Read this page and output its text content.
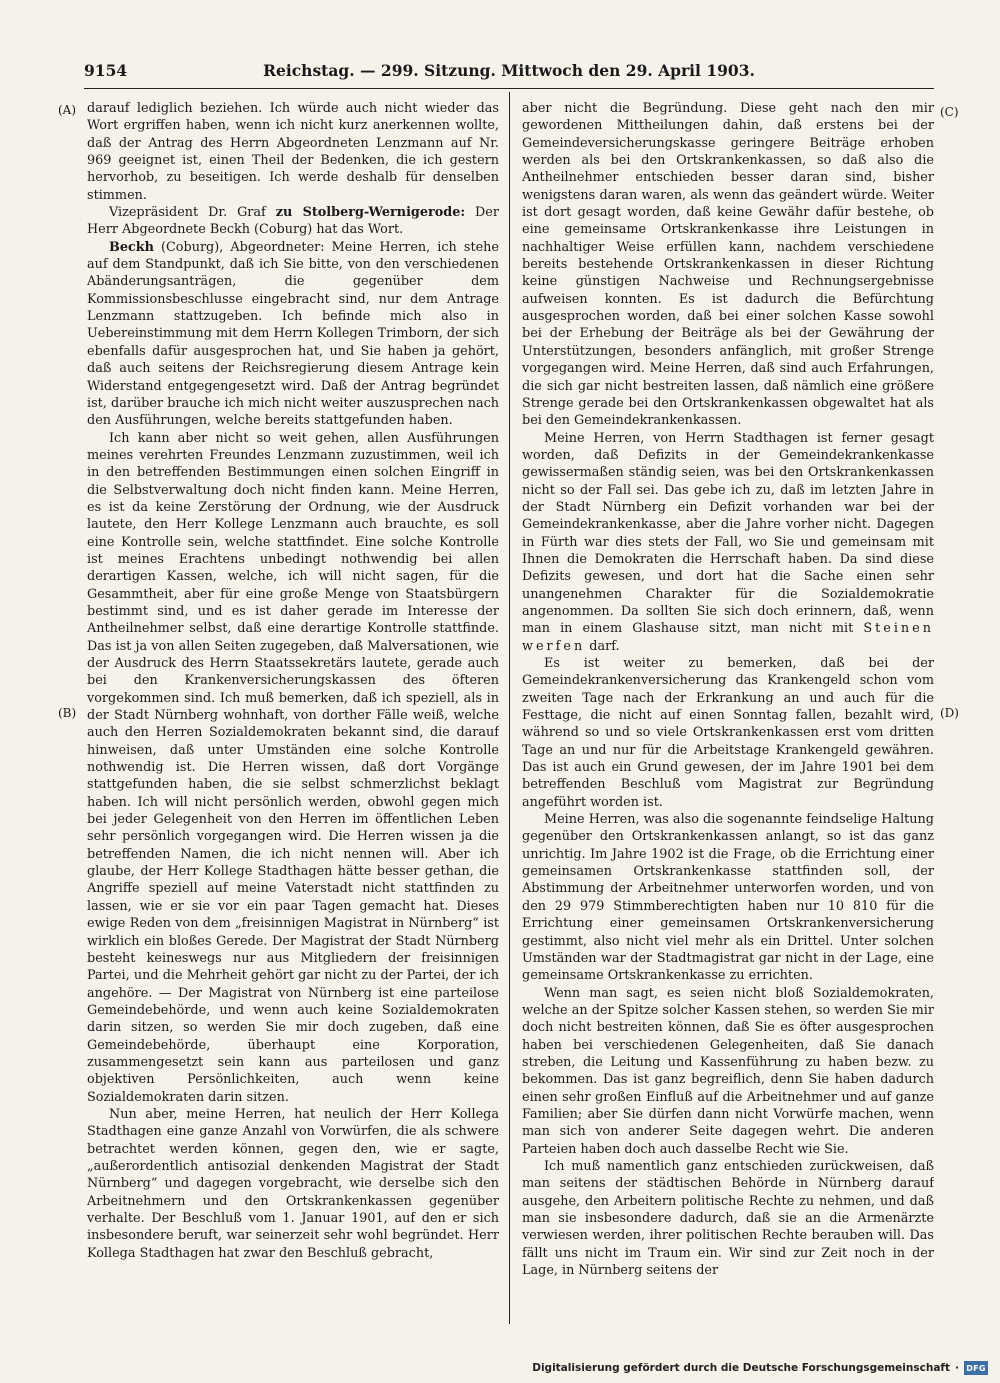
Reichstag. — 299. Sitzung. Mittwoch den 29. April 1903.
9154
(A)
(B)
(C)
(D)

darauf lediglich beziehen. Ich würde auch nicht wieder das Wort ergriffen haben, wenn ich nicht kurz anerkennen wollte, daß der Antrag des Herrn Abgeordneten Lenzmann auf Nr. 969 geeignet ist, einen Theil der Bedenken, die ich gestern hervorhob, zu beseitigen. Ich werde deshalb für denselben stimmen.

Vizepräsident Dr. Graf zu Stolberg-Wernigerode: Der Herr Abgeordnete Beckh (Coburg) hat das Wort.

Beckh (Coburg), Abgeordneter: Meine Herren, ich stehe auf dem Standpunkt, daß ich Sie bitte, von den verschiedenen Abänderungsanträgen, die gegenüber dem Kommissionsbeschlusse eingebracht sind, nur dem Antrage Lenzmann stattzugeben. Ich befinde mich also in Uebereinstimmung mit dem Herrn Kollegen Trimborn, der sich ebenfalls dafür ausgesprochen hat, und Sie haben ja gehört, daß auch seitens der Reichsregierung diesem Antrage kein Widerstand entgegengesetzt wird. Daß der Antrag begründet ist, darüber brauche ich mich nicht weiter auszusprechen nach den Ausführungen, welche bereits stattgefunden haben.

Ich kann aber nicht so weit gehen, allen Ausführungen meines verehrten Freundes Lenzmann zuzustimmen, weil ich in den betreffenden Bestimmungen einen solchen Eingriff in die Selbstverwaltung doch nicht finden kann. Meine Herren, es ist da keine Zerstörung der Ordnung, wie der Ausdruck lautete, den Herr Kollege Lenzmann auch brauchte, es soll eine Kontrolle sein, welche stattfindet. Eine solche Kontrolle ist meines Erachtens unbedingt nothwendig bei allen derartigen Kassen, welche, ich will nicht sagen, für die Gesammtheit, aber für eine große Menge von Staatsbürgern bestimmt sind, und es ist daher gerade im Interesse der Antheilnehmer selbst, daß eine derartige Kontrolle stattfinde. Das ist ja von allen Seiten zugegeben, daß Malversationen, wie der Ausdruck des Herrn Staatssekretärs lautete, gerade auch bei den Krankenversicherungskassen des öfteren vorgekommen sind. Ich muß bemerken, daß ich speziell, als in der Stadt Nürnberg wohnhaft, von dorther Fälle weiß, welche auch den Herren Sozialdemokraten bekannt sind, die darauf hinweisen, daß unter Umständen eine solche Kontrolle nothwendig ist. Die Herren wissen, daß dort Vorgänge stattgefunden haben, die sie selbst schmerzlichst beklagt haben. Ich will nicht persönlich werden, obwohl gegen mich bei jeder Gelegenheit von den Herren im öffentlichen Leben sehr persönlich vorgegangen wird. Die Herren wissen ja die betreffenden Namen, die ich nicht nennen will. Aber ich glaube, der Herr Kollege Stadthagen hätte besser gethan, die Angriffe speziell auf meine Vaterstadt nicht stattfinden zu lassen, wie er sie vor ein paar Tagen gemacht hat. Dieses ewige Reden von dem „freisinnigen Magistrat in Nürnberg“ ist wirklich ein bloßes Gerede. Der Magistrat der Stadt Nürnberg besteht keineswegs nur aus Mitgliedern der freisinnigen Partei, und die Mehrheit gehört gar nicht zu der Partei, der ich angehöre. — Der Magistrat von Nürnberg ist eine parteilose Gemeindebehörde, und wenn auch keine Sozialdemokraten darin sitzen, so werden Sie mir doch zugeben, daß eine Gemeindebehörde, überhaupt eine Korporation, zusammengesetzt sein kann aus parteilosen und ganz objektiven Persönlichkeiten, auch wenn keine Sozialdemokraten darin sitzen.

Nun aber, meine Herren, hat neulich der Herr Kollega Stadthagen eine ganze Anzahl von Vorwürfen, die als schwere betrachtet werden können, gegen den, wie er sagte, „außerordentlich antisozial denkenden Magistrat der Stadt Nürnberg“ und dagegen vorgebracht, wie derselbe sich den Arbeitnehmern und den Ortskrankenkassen gegenüber verhalte. Der Beschluß vom 1. Januar 1901, auf den er sich insbesondere beruft, war seinerzeit sehr wohl begründet. Herr Kollega Stadthagen hat zwar den Beschluß gebracht,

aber nicht die Begründung. Diese geht nach den mir gewordenen Mittheilungen dahin, daß erstens bei der Gemeindeversicherungskasse geringere Beiträge erhoben werden als bei den Ortskrankenkassen, so daß also die Antheilnehmer entschieden besser daran sind, bisher wenigstens daran waren, als wenn das geändert würde. Weiter ist dort gesagt worden, daß keine Gewähr dafür bestehe, ob eine gemeinsame Ortskrankenkasse ihre Leistungen in nachhaltiger Weise erfüllen kann, nachdem verschiedene bereits bestehende Ortskrankenkassen in dieser Richtung keine günstigen Nachweise und Rechnungsergebnisse aufweisen konnten. Es ist dadurch die Befürchtung ausgesprochen worden, daß bei einer solchen Kasse sowohl bei der Erhebung der Beiträge als bei der Gewährung der Unterstützungen, besonders anfänglich, mit großer Strenge vorgegangen wird. Meine Herren, daß sind auch Erfahrungen, die sich gar nicht bestreiten lassen, daß nämlich eine größere Strenge gerade bei den Ortskrankenkassen obgewaltet hat als bei den Gemeindekrankenkassen.

Meine Herren, von Herrn Stadthagen ist ferner gesagt worden, daß Defizits in der Gemeindekrankenkasse gewissermaßen ständig seien, was bei den Ortskrankenkassen nicht so der Fall sei. Das gebe ich zu, daß im letzten Jahre in der Stadt Nürnberg ein Defizit vorhanden war bei der Gemeindekrankenkasse, aber die Jahre vorher nicht. Dagegen in Fürth war dies stets der Fall, wo Sie und gemeinsam mit Ihnen die Demokraten die Herrschaft haben. Da sind diese Defizits gewesen, und dort hat die Sache einen sehr unangenehmen Charakter für die Sozialdemokratie angenommen. Da sollten Sie sich doch erinnern, daß, wenn man in einem Glashause sitzt, man nicht mit Steinen werfen darf.

Es ist weiter zu bemerken, daß bei der Gemeindekrankenversicherung das Krankengeld schon vom zweiten Tage nach der Erkrankung an und auch für die Festtage, die nicht auf einen Sonntag fallen, bezahlt wird, während so und so viele Ortskrankenkassen erst vom dritten Tage an und nur für die Arbeitstage Krankengeld gewähren. Das ist auch ein Grund gewesen, der im Jahre 1901 bei dem betreffenden Beschluß vom Magistrat zur Begründung angeführt worden ist.

Meine Herren, was also die sogenannte feindselige Haltung gegenüber den Ortskrankenkassen anlangt, so ist das ganz unrichtig. Im Jahre 1902 ist die Frage, ob die Errichtung einer gemeinsamen Ortskrankenkasse stattfinden soll, der Abstimmung der Arbeitnehmer unterworfen worden, und von den 29 979 Stimmberechtigten haben nur 10 810 für die Errichtung einer gemeinsamen Ortskrankenversicherung gestimmt, also nicht viel mehr als ein Drittel. Unter solchen Umständen war der Stadtmagistrat gar nicht in der Lage, eine gemeinsame Ortskrankenkasse zu errichten.

Wenn man sagt, es seien nicht bloß Sozialdemokraten, welche an der Spitze solcher Kassen stehen, so werden Sie mir doch nicht bestreiten können, daß Sie es öfter ausgesprochen haben bei verschiedenen Gelegenheiten, daß Sie danach streben, die Leitung und Kassenführung zu haben bezw. zu bekommen. Das ist ganz begreiflich, denn Sie haben dadurch einen sehr großen Einfluß auf die Arbeitnehmer und auf ganze Familien; aber Sie dürfen dann nicht Vorwürfe machen, wenn man sich von anderer Seite dagegen wehrt. Die anderen Parteien haben doch auch dasselbe Recht wie Sie.

Ich muß namentlich ganz entschieden zurückweisen, daß man seitens der städtischen Behörde in Nürnberg darauf ausgehe, den Arbeitern politische Rechte zu nehmen, und daß man sie insbesondere dadurch, daß sie an die Armenärzte verwiesen werden, ihrer politischen Rechte berauben will. Das fällt uns nicht im Traum ein. Wir sind zur Zeit noch in der Lage, in Nürnberg seitens der

Digitalisierung gefördert durch die Deutsche Forschungsgemeinschaft · DFG
